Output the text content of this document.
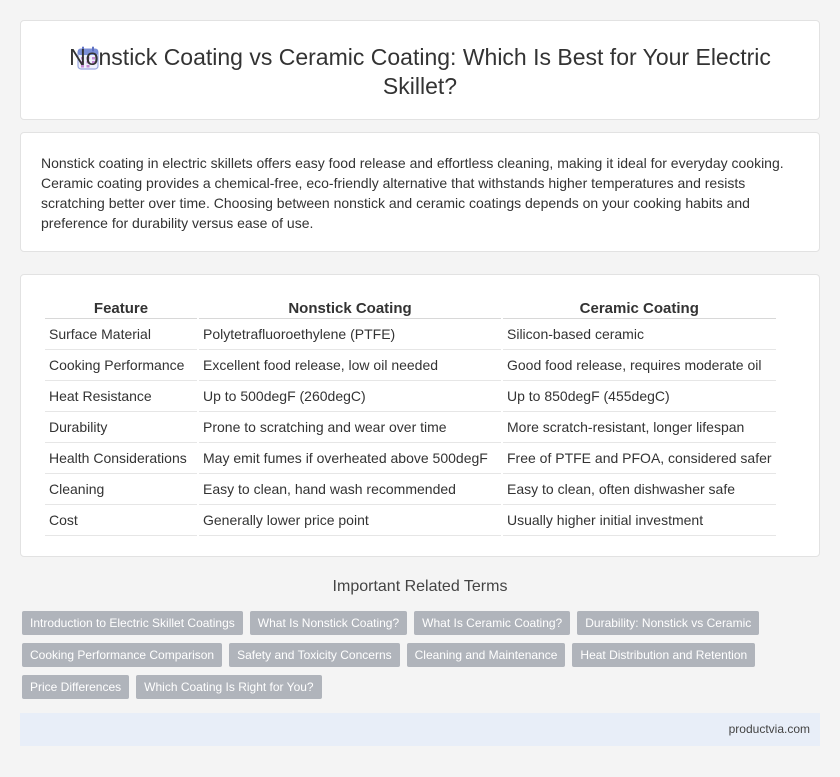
Nonstick Coating vs Ceramic Coating: Which Is Best for Your Electric Skillet?

Nonstick coating in electric skillets offers easy food release and effortless cleaning, making it ideal for everyday cooking. Ceramic coating provides a chemical-free, eco-friendly alternative that withstands higher temperatures and resists scratching better over time. Choosing between nonstick and ceramic coatings depends on your cooking habits and preference for durability versus ease of use.

Feature	Nonstick Coating	Ceramic Coating
Surface Material	Polytetrafluoroethylene (PTFE)	Silicon-based ceramic
Cooking Performance	Excellent food release, low oil needed	Good food release, requires moderate oil
Heat Resistance	Up to 500degF (260degC)	Up to 850degF (455degC)
Durability	Prone to scratching and wear over time	More scratch-resistant, longer lifespan
Health Considerations	May emit fumes if overheated above 500degF	Free of PTFE and PFOA, considered safer
Cleaning	Easy to clean, hand wash recommended	Easy to clean, often dishwasher safe
Cost	Generally lower price point	Usually higher initial investment
Important Related Terms
Introduction to Electric Skillet Coatings	What Is Nonstick Coating?	What Is Ceramic Coating?	Durability: Nonstick vs Ceramic
Cooking Performance Comparison	Safety and Toxicity Concerns	Cleaning and Maintenance	Heat Distribution and Retention
Price Differences	Which Coating Is Right for You?
productvia.com
